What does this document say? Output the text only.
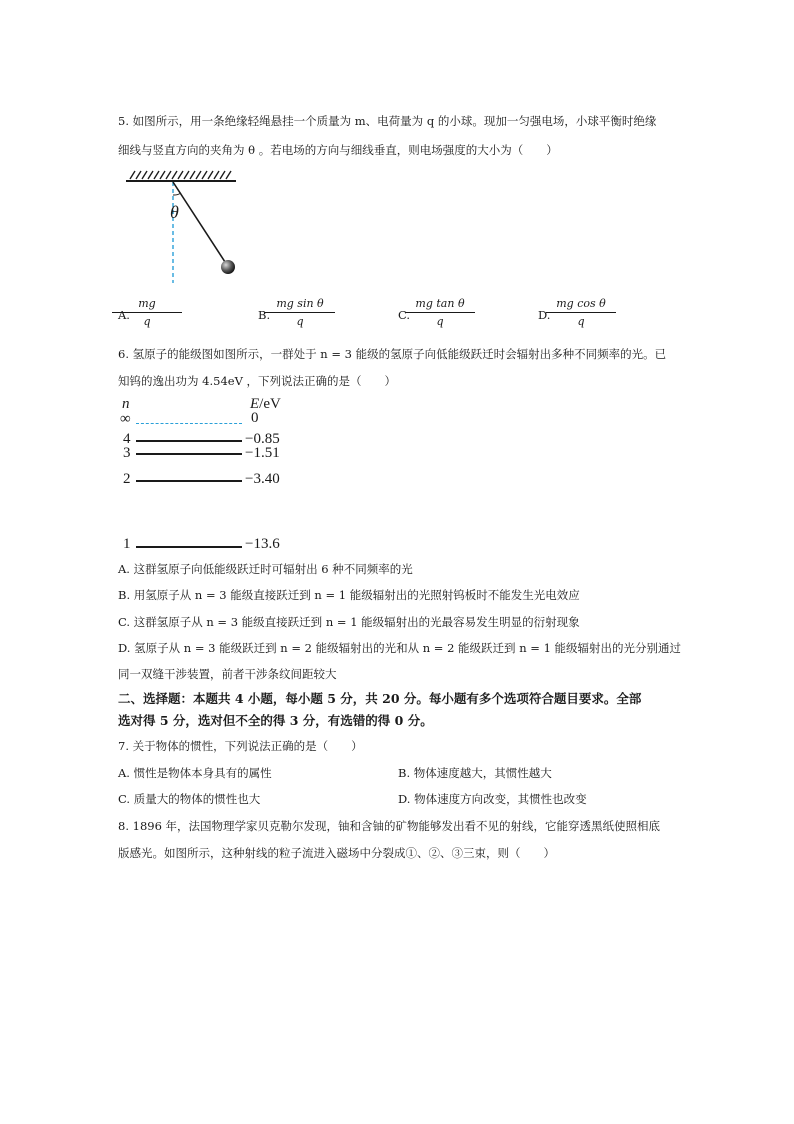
5. 如图所示，用一条绝缘轻绳悬挂一个质量为 m、电荷量为 q 的小球。现加一匀强电场，小球平衡时绝缘
细线与竖直方向的夹角为 θ 。若电场的方向与细线垂直，则电场强度的大小为（　　）
θ
A.
$\frac{mg}{q}$	B.
$\frac{\text{mg sin θ}}{q}$	C.
$\frac{\text{mg tan θ}}{q}$	D.
$\frac{\text{mg cos θ}}{q}$
6. 氢原子的能级图如图所示，一群处于 n = 3 能级的氢原子向低能级跃迁时会辐射出多种不同频率的光。已
知钨的逸出功为 4.54eV ，下列说法正确的是（　　）
n	E/eV
∞	0
4	−0.85
3	−1.51
2	−3.40
1	−13.6
A. 这群氢原子向低能级跃迁时可辐射出 6 种不同频率的光
B. 用氢原子从 n = 3 能级直接跃迁到 n = 1 能级辐射出的光照射钨板时不能发生光电效应
C. 这群氢原子从 n = 3 能级直接跃迁到 n = 1 能级辐射出的光最容易发生明显的衍射现象
D. 氢原子从 n = 3 能级跃迁到 n = 2 能级辐射出的光和从 n = 2 能级跃迁到 n = 1 能级辐射出的光分别通过
同一双缝干涉装置，前者干涉条纹间距较大
二、选择题：本题共 4 小题，每小题 5 分，共 20 分。每小题有多个选项符合题目要求。全部
选对得 5 分，选对但不全的得 3 分，有选错的得 0 分。
7. 关于物体的惯性，下列说法正确的是（　　）
A. 惯性是物体本身具有的属性	B. 物体速度越大，其惯性越大
C. 质量大的物体的惯性也大	D. 物体速度方向改变，其惯性也改变
8. 1896 年，法国物理学家贝克勒尔发现，铀和含铀的矿物能够发出看不见的射线，它能穿透黑纸使照相底
版感光。如图所示，这种射线的粒子流进入磁场中分裂成①、②、③三束，则（　　）
